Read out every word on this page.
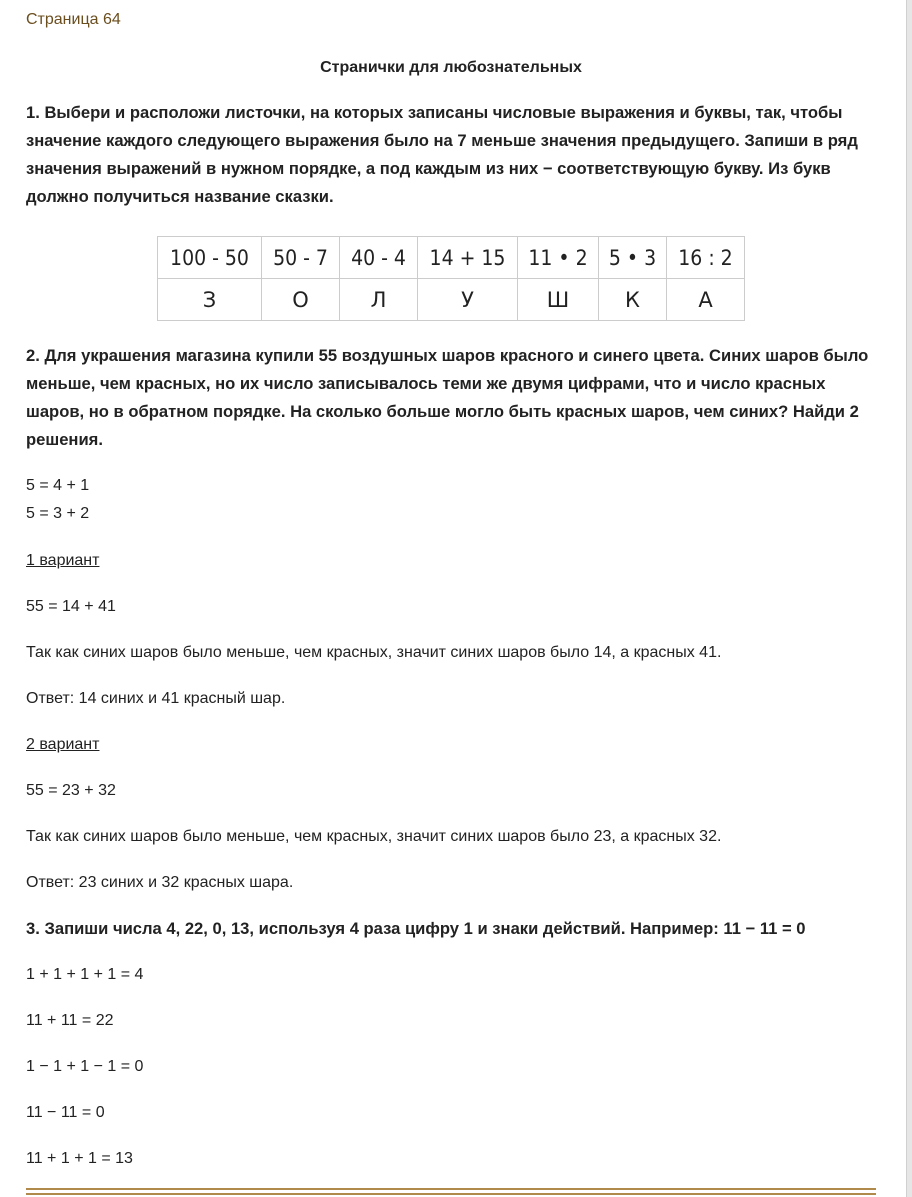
Страница 64
Странички для любознательных
1. Выбери и расположи листочки, на которых записаны числовые выражения и буквы, так, чтобы значение каждого следующего выражения было на 7 меньше значения предыдущего. Запиши в ряд значения выражений в нужном порядке, а под каждым из них − соответствующую букву. Из букв должно получиться название сказки.
100 - 50	50 - 7	40 - 4	14 + 15	11 • 2	5 • 3	16 : 2
З	О	Л	У	Ш	К	А
2. Для украшения магазина купили 55 воздушных шаров красного и синего цвета. Синих шаров было меньше, чем красных, но их число записывалось теми же двумя цифрами, что и число красных шаров, но в обратном порядке. На сколько больше могло быть красных шаров, чем синих? Найди 2 решения.
5 = 4 + 1
5 = 3 + 2
1 вариант
55 = 14 + 41
Так как синих шаров было меньше, чем красных, значит синих шаров было 14, а красных 41.
Ответ: 14 синих и 41 красный шар.
2 вариант
55 = 23 + 32
Так как синих шаров было меньше, чем красных, значит синих шаров было 23, а красных 32.
Ответ: 23 синих и 32 красных шара.
3. Запиши числа 4, 22, 0, 13, используя 4 раза цифру 1 и знаки действий. Например: 11 − 11 = 0
1 + 1 + 1 + 1 = 4
11 + 11 = 22
1 − 1 + 1 − 1 = 0
11 − 11 = 0
11 + 1 + 1 = 13
